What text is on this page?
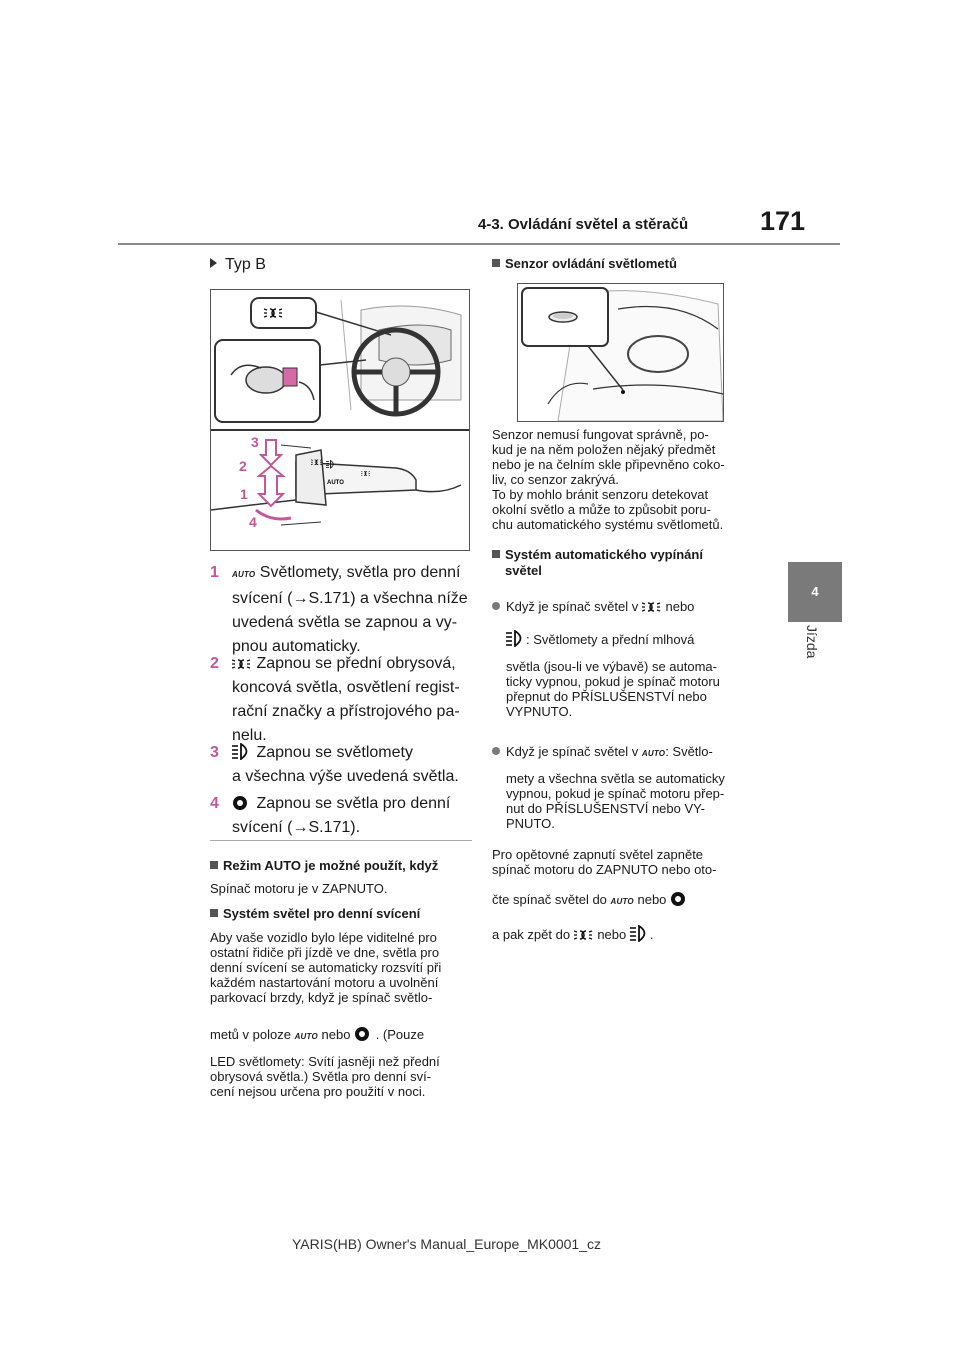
4-3. Ovládání světel a stěračů	171
4
Jízda
Typ B
AUTO
3
2
1
4
1 AUTO Světlomety, světla pro denní
svícení (→S.171) a všechna níže
uvedená světla se zapnou a vy-
pnou automaticky.
2 Zapnou se přední obrysová,
koncová světla, osvětlení regist-
rační značky a přístrojového pa-
nelu.
3 Zapnou se světlomety
a všechna výše uvedená světla.
4 Zapnou se světla pro denní
svícení (→S.171).
Režim AUTO je možné použít, když
Spínač motoru je v ZAPNUTO.
Systém světel pro denní svícení
Aby vaše vozidlo bylo lépe viditelné pro
ostatní řidiče při jízdě ve dne, světla pro
denní svícení se automaticky rozsvítí při
každém nastartování motoru a uvolnění
parkovací brzdy, když je spínač světlo-
metů v poloze AUTO nebo . (Pouze
LED světlomety: Svítí jasněji než přední
obrysová světla.) Světla pro denní sví-
cení nejsou určena pro použití v noci.
Senzor ovládání světlometů
Senzor nemusí fungovat správně, po-
kud je na něm položen nějaký předmět
nebo je na čelním skle připevněno coko-
liv, co senzor zakrývá.
To by mohlo bránit senzoru detekovat
okolní světlo a může to způsobit poru-
chu automatického systému světlometů.
Systém automatického vypínání
světel
Když je spínač světel v nebo
: Světlomety a přední mlhová
světla (jsou-li ve výbavě) se automa-
ticky vypnou, pokud je spínač motoru
přepnut do PŘÍSLUŠENSTVÍ nebo
VYPNUTO.
Když je spínač světel v AUTO: Světlo-
mety a všechna světla se automaticky
vypnou, pokud je spínač motoru přep-
nut do PŘÍSLUŠENSTVÍ nebo VY-
PNUTO.
Pro opětovné zapnutí světel zapněte
spínač motoru do ZAPNUTO nebo oto-
čte spínač světel do AUTO nebo
a pak zpět do nebo .
YARIS(HB) Owner's Manual_Europe_MK0001_cz
